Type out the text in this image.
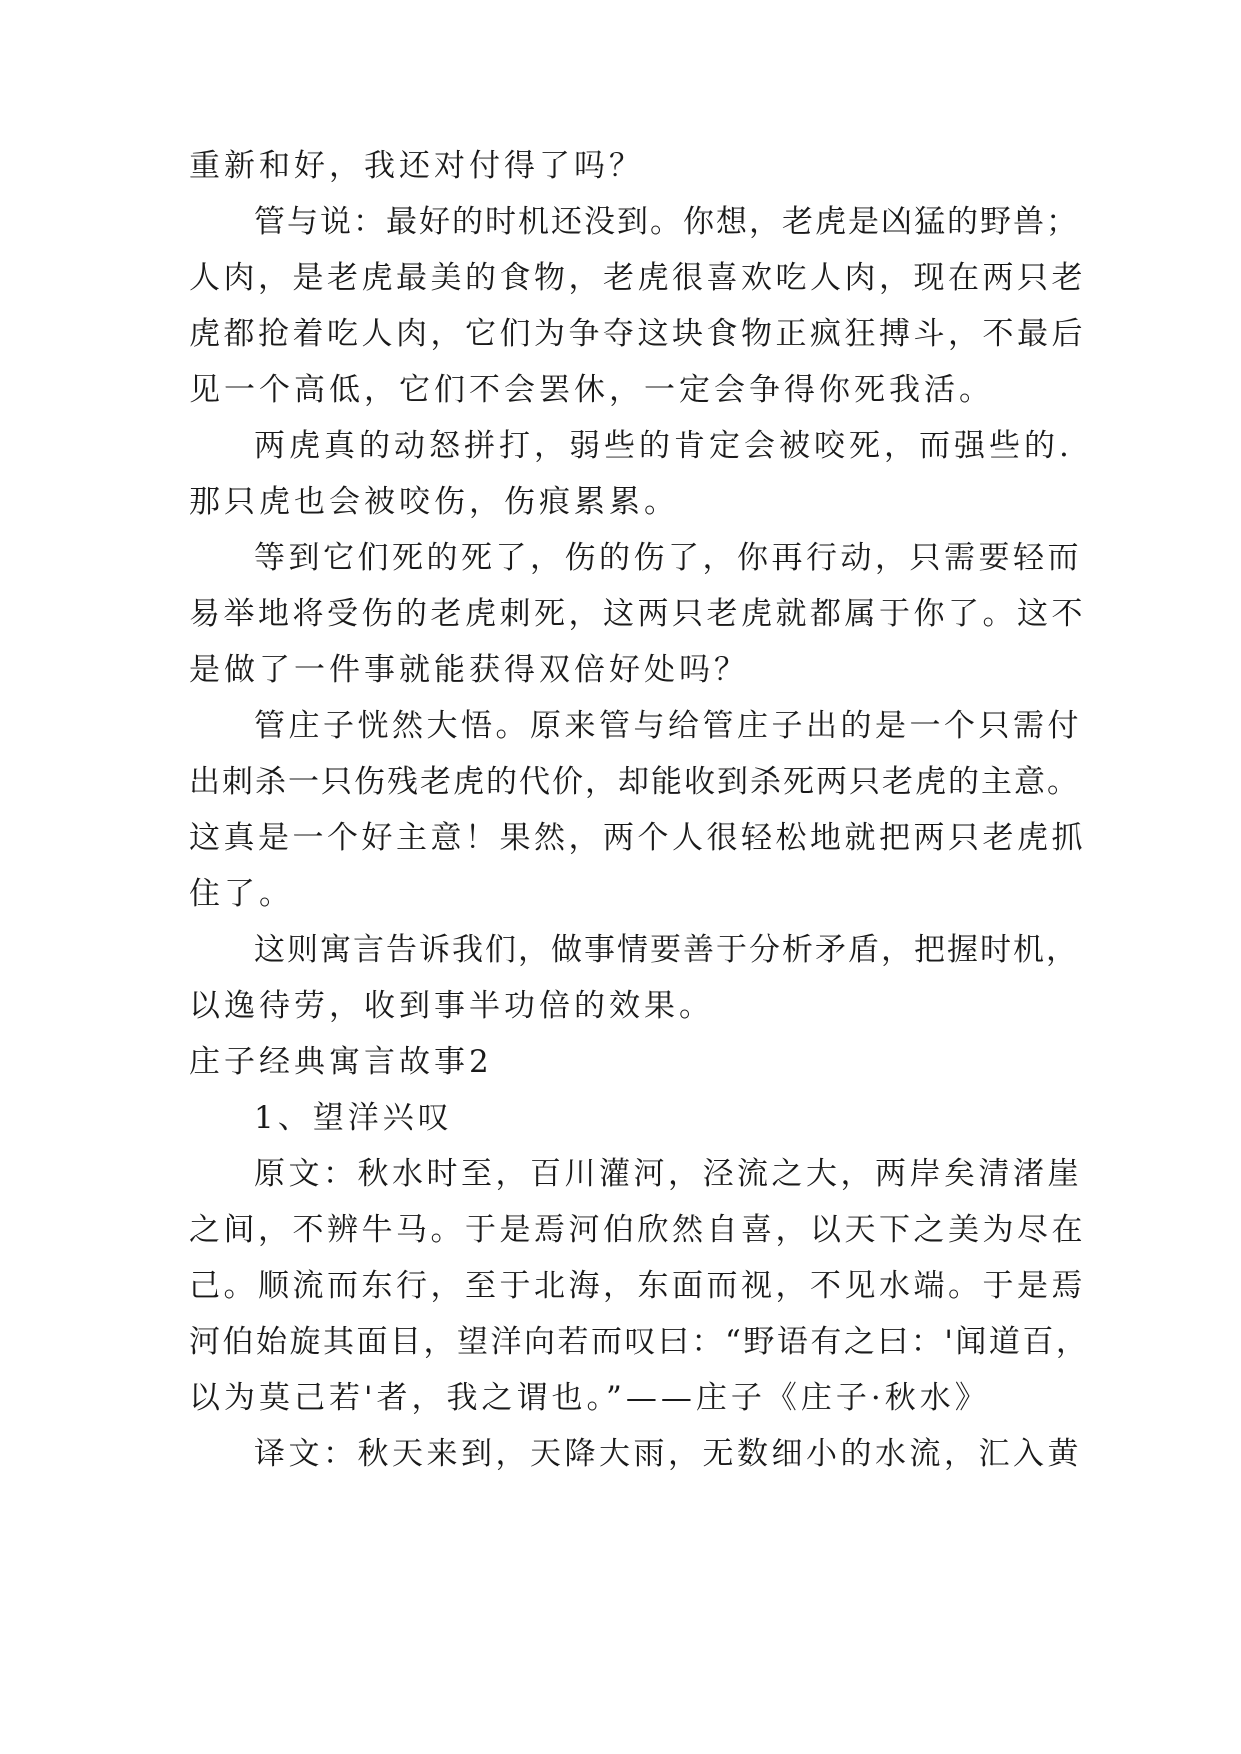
重新和好，我还对付得了吗？

管与说：最好的时机还没到。你想，老虎是凶猛的野兽；

人肉，是老虎最美的食物，老虎很喜欢吃人肉，现在两只老

虎都抢着吃人肉，它们为争夺这块食物正疯狂搏斗，不最后

见一个高低，它们不会罢休，一定会争得你死我活。

两虎真的动怒拼打，弱些的肯定会被咬死，而强些的.

那只虎也会被咬伤，伤痕累累。

等到它们死的死了，伤的伤了，你再行动，只需要轻而

易举地将受伤的老虎刺死，这两只老虎就都属于你了。这不

是做了一件事就能获得双倍好处吗？

管庄子恍然大悟。原来管与给管庄子出的是一个只需付

出刺杀一只伤残老虎的代价，却能收到杀死两只老虎的主意。

这真是一个好主意！果然，两个人很轻松地就把两只老虎抓

住了。

这则寓言告诉我们，做事情要善于分析矛盾，把握时机，

以逸待劳，收到事半功倍的效果。

庄子经典寓言故事2

1、望洋兴叹

原文：秋水时至，百川灌河，泾流之大，两岸矣清渚崖

之间，不辨牛马。于是焉河伯欣然自喜，以天下之美为尽在

己。顺流而东行，至于北海，东面而视，不见水端。于是焉

河伯始旋其面目，望洋向若而叹曰：“野语有之曰：'闻道百，

以为莫己若'者，我之谓也。”——庄子《庄子·秋水》

译文：秋天来到，天降大雨，无数细小的水流，汇入黄
